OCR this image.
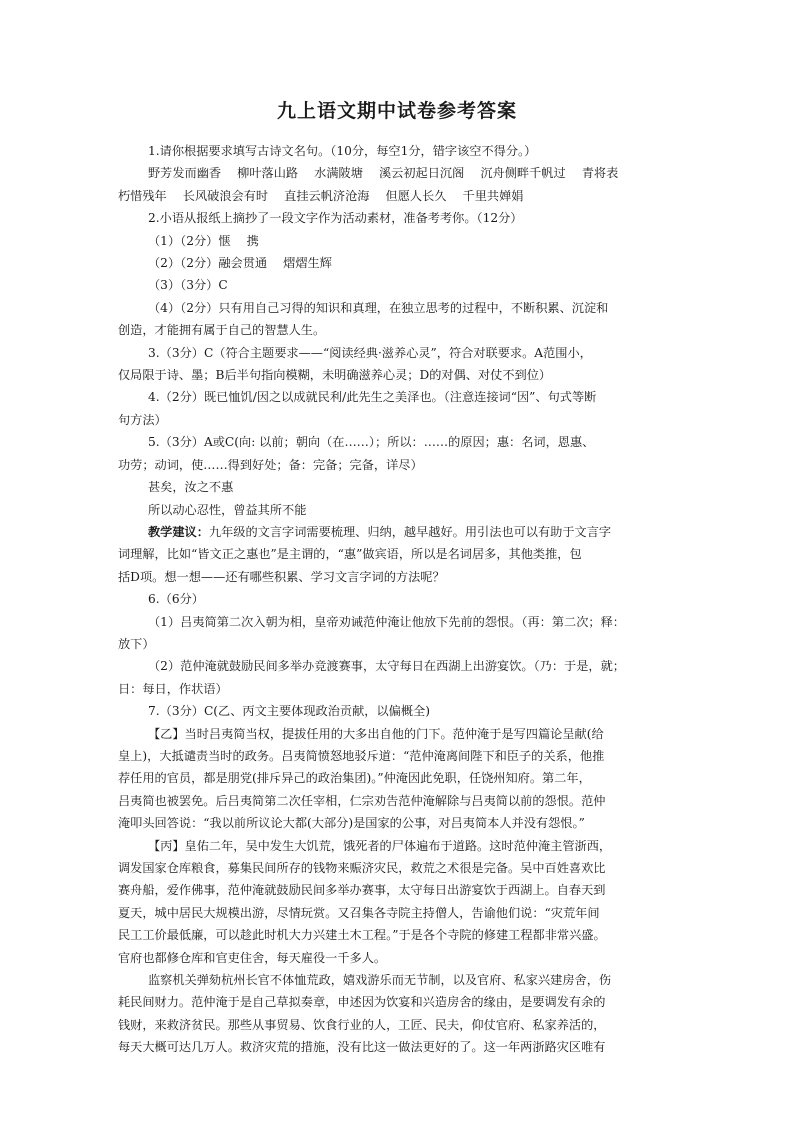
九上语文期中试卷参考答案

1.请你根据要求填写古诗文名句。（10分，每空1分，错字该空不得分。）

野芳发而幽香　 柳叶落山路　 水满陂塘　 溪云初起日沉阁　 沉舟侧畔千帆过　 青将表

朽惜残年　 长风破浪会有时　 直挂云帆济沧海　 但愿人长久　 千里共婵娟

2.小语从报纸上摘抄了一段文字作为活动素材，准备考考你。（12分）

（1）（2分）惬　 携

（2）（2分）融会贯通　 熠熠生辉

（3）（3分）C

（4）（2分）只有用自己习得的知识和真理，在独立思考的过程中，不断积累、沉淀和

创造，才能拥有属于自己的智慧人生。

3.（3分）C（符合主题要求——“阅读经典·滋养心灵”，符合对联要求。A范围小，

仅局限于诗、墨；B后半句指向模糊，未明确滋养心灵；D的对偶、对仗不到位）

4.（2分）既已恤饥/因之以成就民利/此先生之美泽也。（注意连接词“因”、句式等断

句方法）

5.（3分）A或C(向: 以前；朝向（在……）；所以：……的原因；惠：名词，恩惠、

功劳；动词，使……得到好处；备：完备；完备，详尽）

甚矣，汝之不惠

所以动心忍性，曾益其所不能

教学建议：九年级的文言字词需要梳理、归纳，越早越好。用引法也可以有助于文言字

词理解，比如“皆文正之惠也”是主谓的，“惠”做宾语，所以是名词居多，其他类推，包

括D项。想一想——还有哪些积累、学习文言字词的方法呢？

6.（6分）

（1）吕夷简第二次入朝为相，皇帝劝诫范仲淹让他放下先前的怨恨。（再：第二次；释：

放下）

（2）范仲淹就鼓励民间多举办竞渡赛事，太守每日在西湖上出游宴饮。（乃：于是，就；

日：每日，作状语）

7.（3分）C(乙、丙文主要体现政治贡献，以偏概全)

【乙】当时吕夷简当权，提拔任用的大多出自他的门下。范仲淹于是写四篇论呈献(给

皇上)，大抵谴责当时的政务。吕夷简愤怒地驳斥道：“范仲淹离间陛下和臣子的关系，他推

荐任用的官员，都是朋党(排斥异己的政治集团)。”仲淹因此免职，任饶州知府。第二年，

吕夷简也被罢免。后吕夷简第二次任宰相，仁宗劝告范仲淹解除与吕夷简以前的怨恨。范仲

淹叩头回答说：“我以前所议论大都(大部分)是国家的公事，对吕夷简本人并没有怨恨。”

【丙】皇佑二年，吴中发生大饥荒，饿死者的尸体遍布于道路。这时范仲淹主管浙西，

调发国家仓库粮食，募集民间所存的钱物来赈济灾民，救荒之术很是完备。吴中百姓喜欢比

赛舟船，爱作佛事，范仲淹就鼓励民间多举办赛事，太守每日出游宴饮于西湖上。自春天到

夏天，城中居民大规模出游，尽情玩赏。又召集各寺院主持僧人，告谕他们说：“灾荒年间

民工工价最低廉，可以趁此时机大力兴建土木工程。”于是各个寺院的修建工程都非常兴盛。

官府也都修仓库和官吏住舍，每天雇役一千多人。

监察机关弹劾杭州长官不体恤荒政，嬉戏游乐而无节制，以及官府、私家兴建房舍，伤

耗民间财力。范仲淹于是自己草拟奏章，申述因为饮宴和兴造房舍的缘由，是要调发有余的

钱财，来救济贫民。那些从事贸易、饮食行业的人，工匠、民夫，仰仗官府、私家养活的，

每天大概可达几万人。救济灾荒的措施，没有比这一做法更好的了。这一年两浙路灾区唯有
